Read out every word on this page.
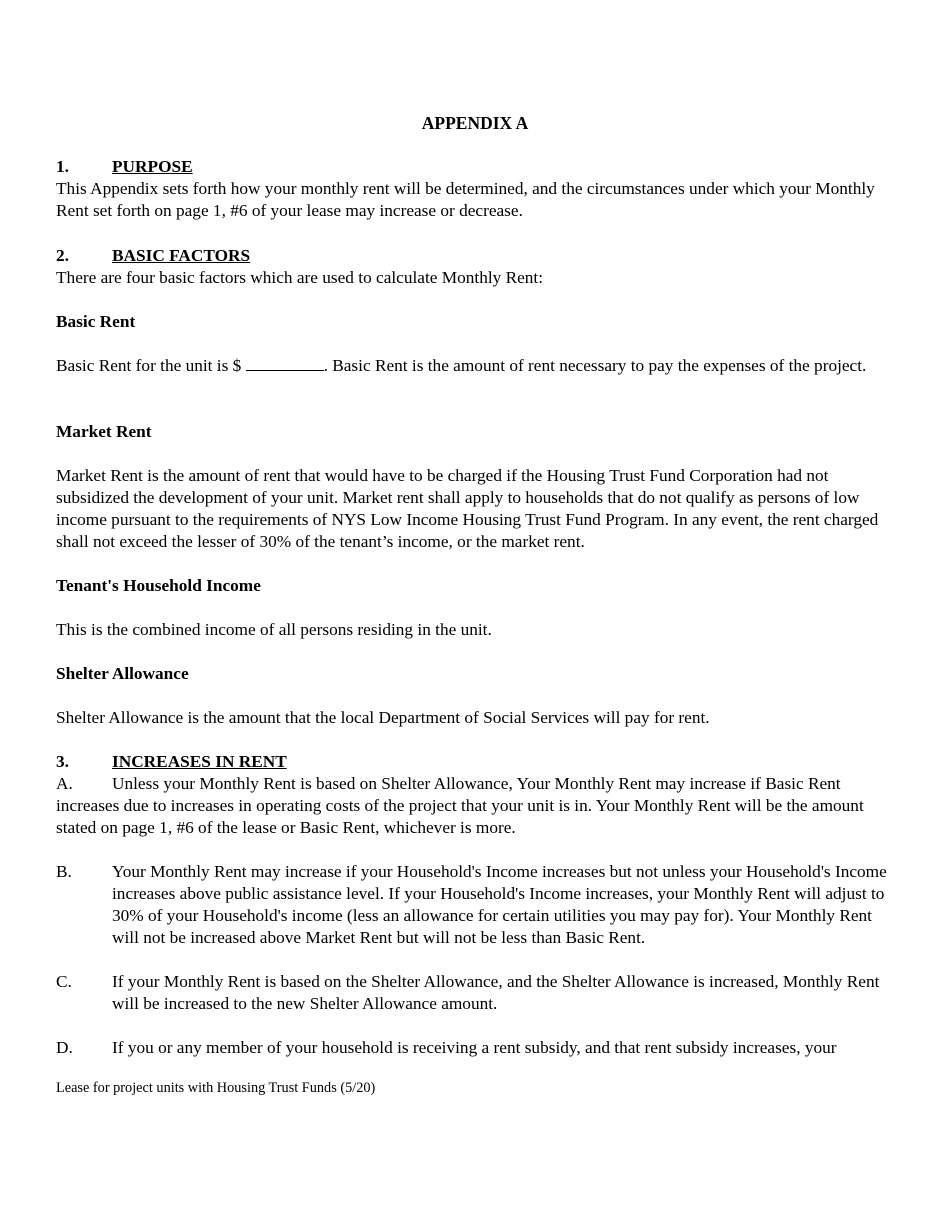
APPENDIX A
1. PURPOSE
This Appendix sets forth how your monthly rent will be determined, and the circumstances under which your Monthly Rent set forth on page 1, #6 of your lease may increase or decrease.
2. BASIC FACTORS
There are four basic factors which are used to calculate Monthly Rent:
Basic Rent
Basic Rent for the unit is $	. Basic Rent is the amount of rent necessary to pay the expenses of the project.
Market Rent
Market Rent is the amount of rent that would have to be charged if the Housing Trust Fund Corporation had not subsidized the development of your unit. Market rent shall apply to households that do not qualify as persons of low income pursuant to the requirements of NYS Low Income Housing Trust Fund Program. In any event, the rent charged shall not exceed the lesser of 30% of the tenant’s income, or the market rent.
Tenant's Household Income
This is the combined income of all persons residing in the unit.
Shelter Allowance
Shelter Allowance is the amount that the local Department of Social Services will pay for rent.
3. INCREASES IN RENT
A.	Unless your Monthly Rent is based on Shelter Allowance, Your Monthly Rent may increase if Basic Rent increases due to increases in operating costs of the project that your unit is in. Your Monthly Rent will be the amount stated on page 1, #6 of the lease or Basic Rent, whichever is more.
B. Your Monthly Rent may increase if your Household's Income increases but not unless your Household's Income increases above public assistance level. If your Household's Income increases, your Monthly Rent will adjust to 30% of your Household's income (less an allowance for certain utilities you may pay for). Your Monthly Rent will not be increased above Market Rent but will not be less than Basic Rent.
C. If your Monthly Rent is based on the Shelter Allowance, and the Shelter Allowance is increased, Monthly Rent will be increased to the new Shelter Allowance amount.
D. If you or any member of your household is receiving a rent subsidy, and that rent subsidy increases, your
Lease for project units with Housing Trust Funds (5/20)
